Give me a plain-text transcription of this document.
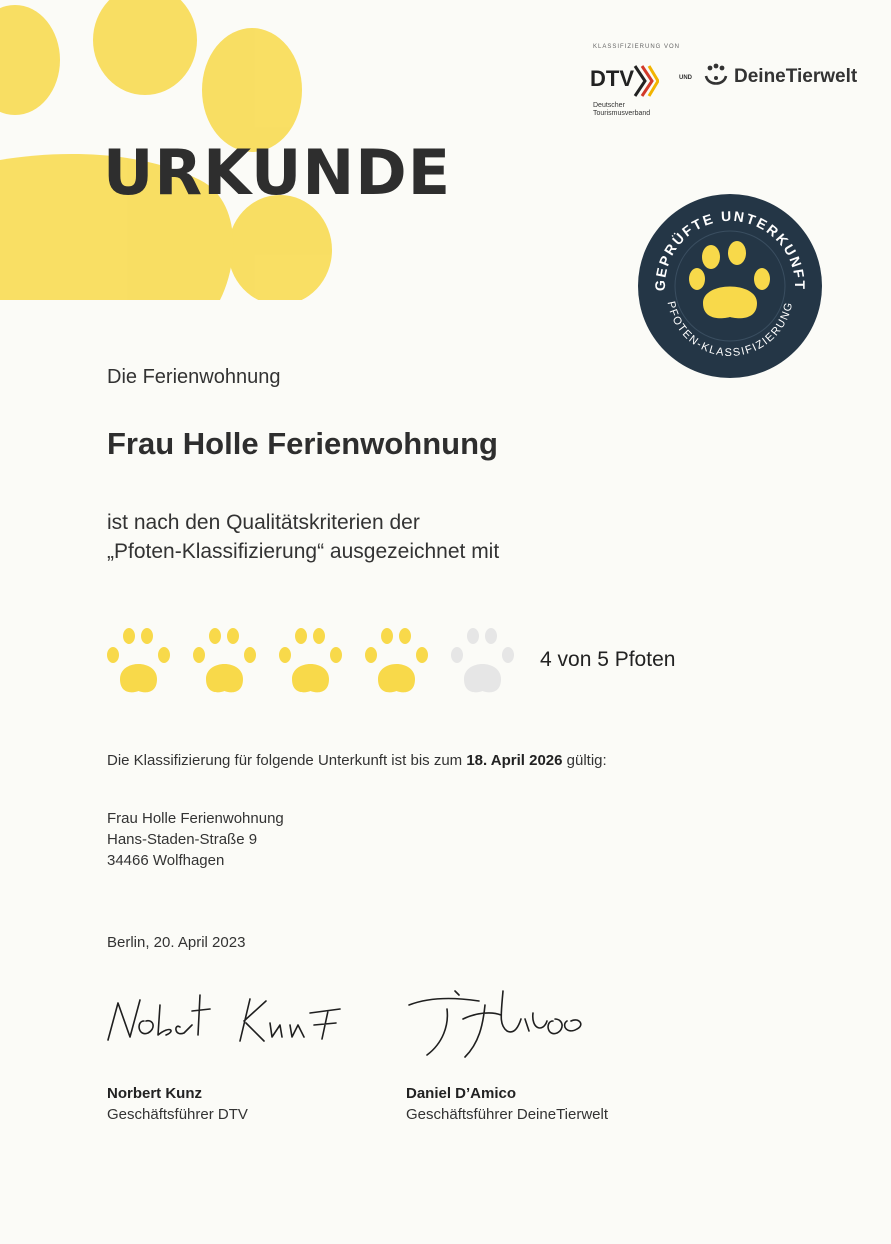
URKUNDE
KLASSIFIZIERUNG VON
DTV
Deutscher Tourismusverband
UND DeineTierwelt
GEPRÜFTE UNTERKUNFT
PFOTEN-KLASSIFIZIERUNG
Die Ferienwohnung
Frau Holle Ferienwohnung
ist nach den Qualitätskriterien der
„Pfoten-Klassifizierung“ ausgezeichnet mit
4 von 5 Pfoten
Die Klassifizierung für folgende Unterkunft ist bis zum 18. April 2026 gültig:
Frau Holle Ferienwohnung
Hans-Staden-Straße 9
34466 Wolfhagen
Berlin, 20. April 2023
Norbert Kunz
Geschäftsführer DTV
Daniel D’Amico
Geschäftsführer DeineTierwelt
